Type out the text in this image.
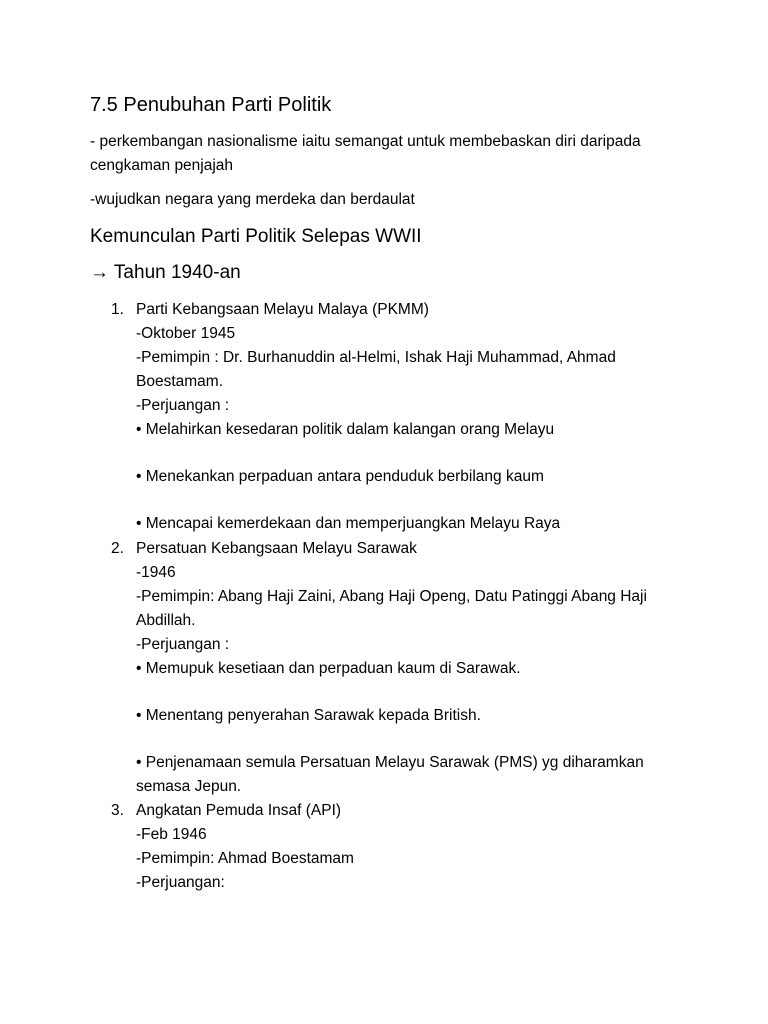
7.5 Penubuhan Parti Politik
- perkembangan nasionalisme iaitu semangat untuk membebaskan diri daripada
cengkaman penjajah
-wujudkan negara yang merdeka dan berdaulat
Kemunculan Parti Politik Selepas WWII
→ Tahun 1940-an
1. Parti Kebangsaan Melayu Malaya (PKMM)
-Oktober 1945
-Pemimpin : Dr. Burhanuddin al-Helmi, Ishak Haji Muhammad, Ahmad
Boestamam.
-Perjuangan :
• Melahirkan kesedaran politik dalam kalangan orang Melayu
• Menekankan perpaduan antara penduduk berbilang kaum
• Mencapai kemerdekaan dan memperjuangkan Melayu Raya
2. Persatuan Kebangsaan Melayu Sarawak
-1946
-Pemimpin: Abang Haji Zaini, Abang Haji Openg, Datu Patinggi Abang Haji
Abdillah.
-Perjuangan :
• Memupuk kesetiaan dan perpaduan kaum di Sarawak.
• Menentang penyerahan Sarawak kepada British.
• Penjenamaan semula Persatuan Melayu Sarawak (PMS) yg diharamkan
semasa Jepun.
3. Angkatan Pemuda Insaf (API)
-Feb 1946
-Pemimpin: Ahmad Boestamam
-Perjuangan:
